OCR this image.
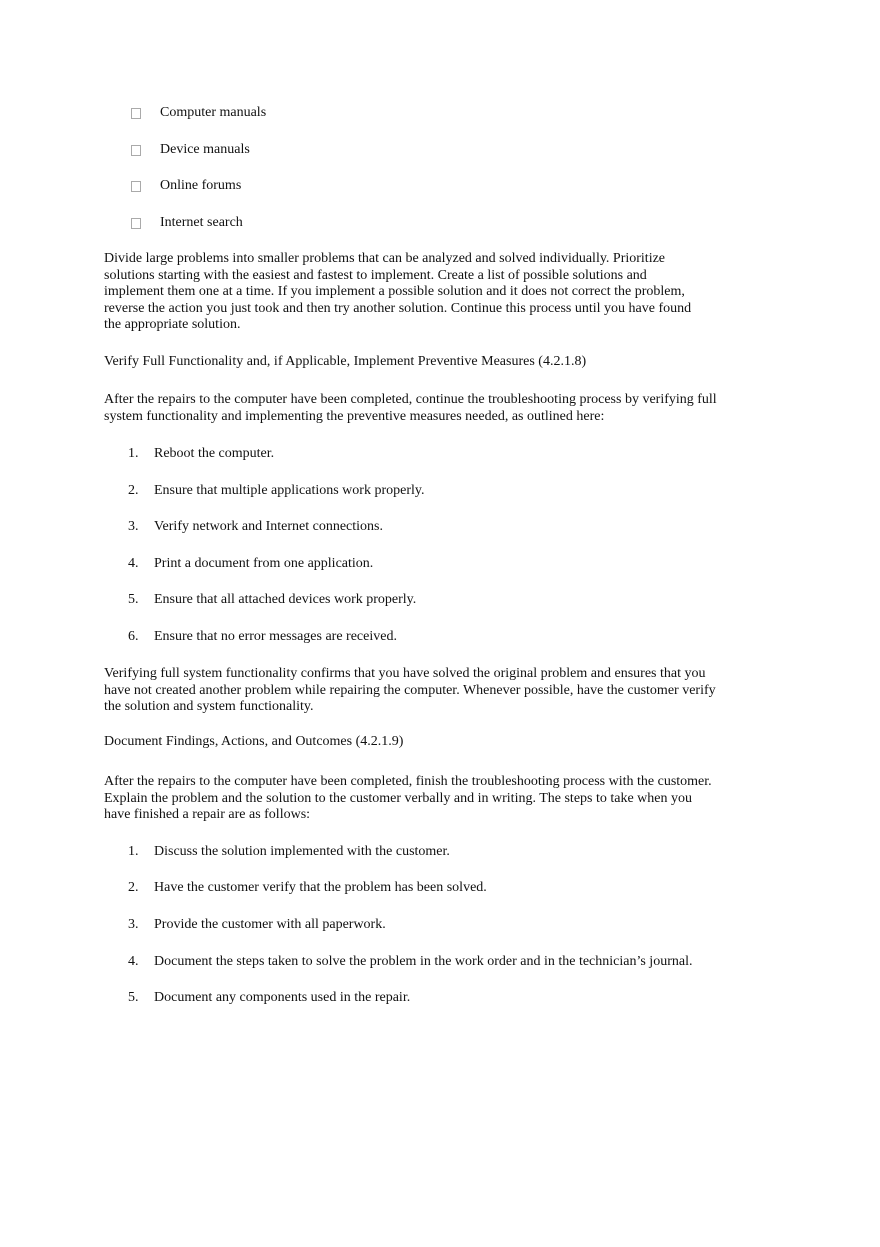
Computer manuals
Device manuals
Online forums
Internet search
Divide large problems into smaller problems that can be analyzed and solved individually. Prioritize solutions starting with the easiest and fastest to implement. Create a list of possible solutions and implement them one at a time. If you implement a possible solution and it does not correct the problem, reverse the action you just took and then try another solution. Continue this process until you have found the appropriate solution.
Verify Full Functionality and, if Applicable, Implement Preventive Measures (4.2.1.8)
After the repairs to the computer have been completed, continue the troubleshooting process by verifying full system functionality and implementing the preventive measures needed, as outlined here:
1. Reboot the computer.
2. Ensure that multiple applications work properly.
3. Verify network and Internet connections.
4. Print a document from one application.
5. Ensure that all attached devices work properly.
6. Ensure that no error messages are received.
Verifying full system functionality confirms that you have solved the original problem and ensures that you have not created another problem while repairing the computer. Whenever possible, have the customer verify the solution and system functionality.
Document Findings, Actions, and Outcomes (4.2.1.9)
After the repairs to the computer have been completed, finish the troubleshooting process with the customer. Explain the problem and the solution to the customer verbally and in writing. The steps to take when you have finished a repair are as follows:
1. Discuss the solution implemented with the customer.
2. Have the customer verify that the problem has been solved.
3. Provide the customer with all paperwork.
4. Document the steps taken to solve the problem in the work order and in the technician’s journal.
5. Document any components used in the repair.
